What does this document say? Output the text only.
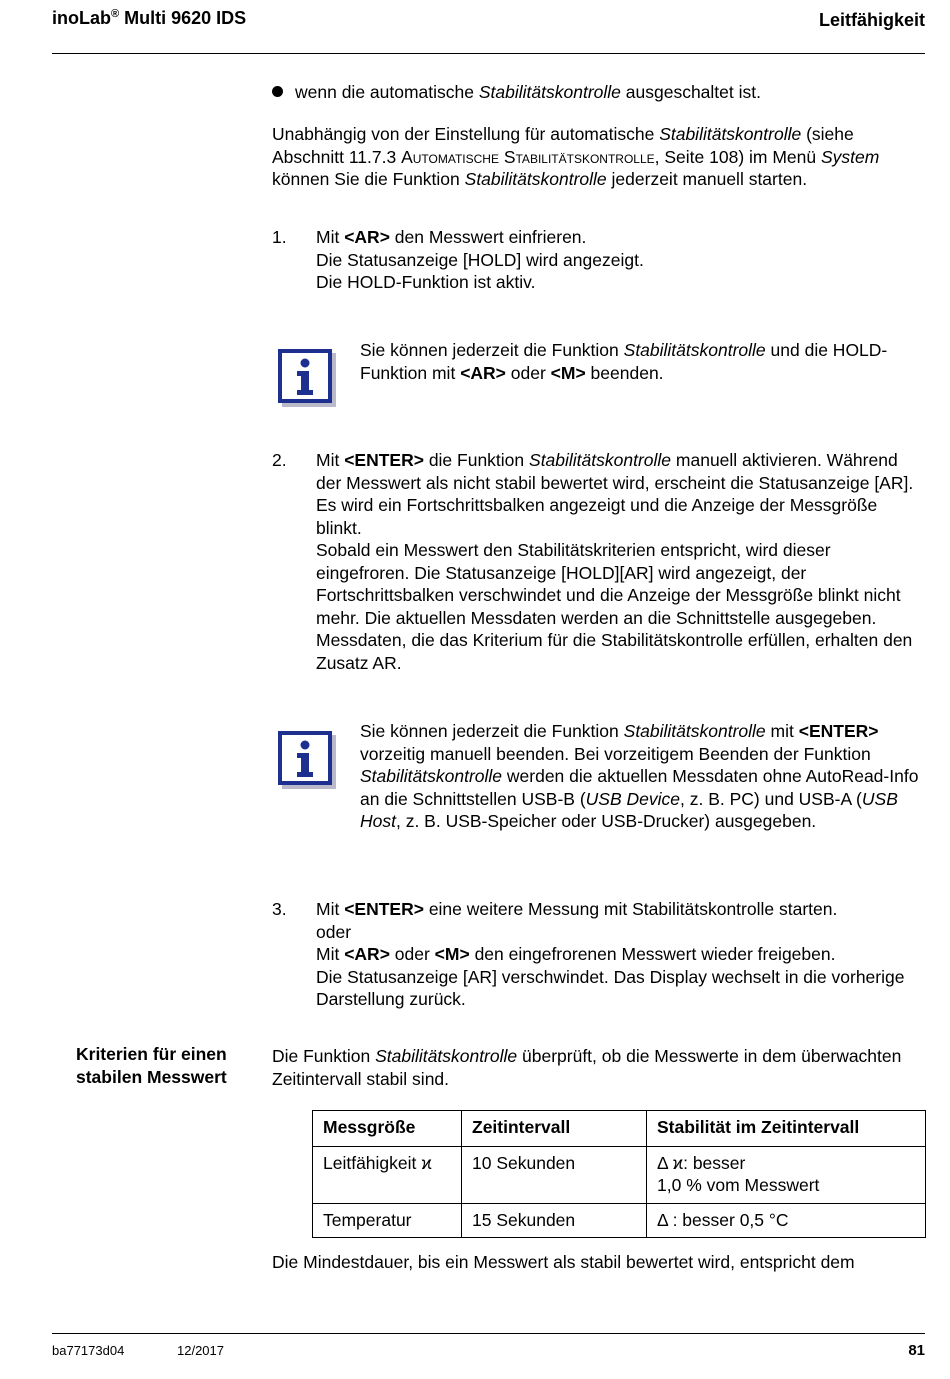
inoLab® Multi 9620 IDS	Leitfähigkeit
wenn die automatische Stabilitätskontrolle ausgeschaltet ist.
Unabhängig von der Einstellung für automatische Stabilitätskontrolle (siehe Abschnitt 11.7.3 Automatische Stabilitätskontrolle, Seite 108) im Menü System können Sie die Funktion Stabilitätskontrolle jederzeit manuell starten.
1. Mit <AR> den Messwert einfrieren.
Die Statusanzeige [HOLD] wird angezeigt.
Die HOLD-Funktion ist aktiv.
Sie können jederzeit die Funktion Stabilitätskontrolle und die HOLD-Funktion mit <AR> oder <M> beenden.
2. Mit <ENTER> die Funktion Stabilitätskontrolle manuell aktivieren. Während der Messwert als nicht stabil bewertet wird, erscheint die Statusanzeige [AR]. Es wird ein Fortschrittsbalken angezeigt und die Anzeige der Messgröße blinkt.
Sobald ein Messwert den Stabilitätskriterien entspricht, wird dieser eingefroren. Die Statusanzeige [HOLD][AR] wird angezeigt, der Fortschrittsbalken verschwindet und die Anzeige der Messgröße blinkt nicht mehr. Die aktuellen Messdaten werden an die Schnittstelle ausgegeben. Messdaten, die das Kriterium für die Stabilitätskontrolle erfüllen, erhalten den Zusatz AR.
Sie können jederzeit die Funktion Stabilitätskontrolle mit <ENTER> vorzeitig manuell beenden. Bei vorzeitigem Beenden der Funktion Stabilitätskontrolle werden die aktuellen Messdaten ohne AutoRead-Info an die Schnittstellen USB-B (USB Device, z. B. PC) und USB-A (USB Host, z. B. USB-Speicher oder USB-Drucker) ausgegeben.
3. Mit <ENTER> eine weitere Messung mit Stabilitätskontrolle starten.
oder
Mit <AR> oder <M> den eingefrorenen Messwert wieder freigeben.
Die Statusanzeige [AR] verschwindet. Das Display wechselt in die vorherige Darstellung zurück.
Kriterien für einen
stabilen Messwert
Die Funktion Stabilitätskontrolle überprüft, ob die Messwerte in dem überwachten Zeitintervall stabil sind.
Messgröße	Zeitintervall	Stabilität im Zeitintervall
Leitfähigkeit ϰ	10 Sekunden	Δ ϰ: besser
1,0 % vom Messwert

Temperatur	15 Sekunden	Δ : besser 0,5 °C
Die Mindestdauer, bis ein Messwert als stabil bewertet wird, entspricht dem
ba77173d04	12/2017	81
